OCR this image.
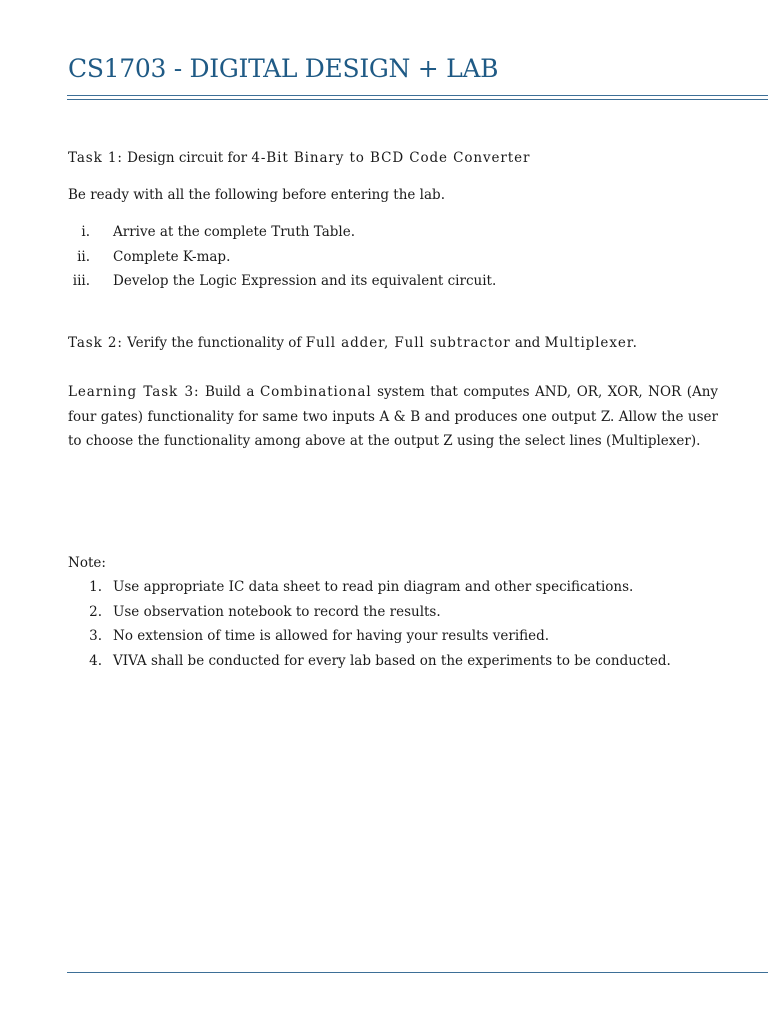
CS1703 - DIGITAL DESIGN + LAB

Task 1: Design circuit for 4-Bit Binary to BCD Code Converter

Be ready with all the following before entering the lab.

i. Arrive at the complete Truth Table.
ii. Complete K-map.
iii. Develop the Logic Expression and its equivalent circuit.

Task 2: Verify the functionality of Full adder, Full subtractor and Multiplexer.

Learning Task 3: Build a Combinational system that computes AND, OR, XOR, NOR (Any four gates) functionality for same two inputs A & B and produces one output Z. Allow the user to choose the functionality among above at the output Z using the select lines (Multiplexer).

Note:

1. Use appropriate IC data sheet to read pin diagram and other specifications.
2. Use observation notebook to record the results.
3. No extension of time is allowed for having your results verified.
4. VIVA shall be conducted for every lab based on the experiments to be conducted.
